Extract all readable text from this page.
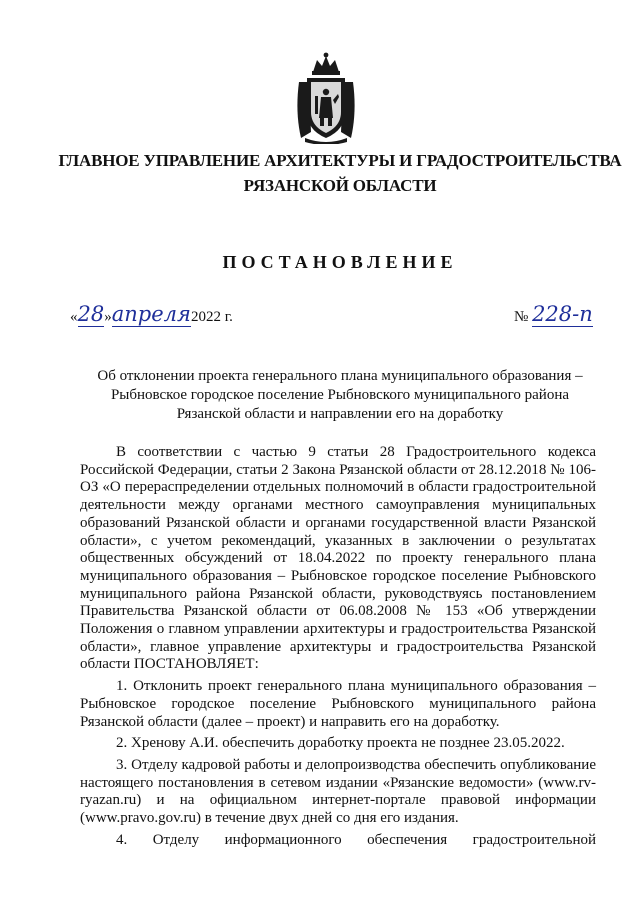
ГЛАВНОЕ УПРАВЛЕНИЕ АРХИТЕКТУРЫ И ГРАДОСТРОИТЕЛЬСТВА
РЯЗАНСКОЙ ОБЛАСТИ
ПОСТАНОВЛЕНИЕ
«28»апреля2022 г.	№ 228-п
Об отклонении проекта генерального плана муниципального образования –
Рыбновское городское поселение Рыбновского муниципального района
Рязанской области и направлении его на доработку
В соответствии с частью 9 статьи 28 Градостроительного кодекса Российской Федерации, статьи 2 Закона Рязанской области от 28.12.2018 № 106-ОЗ «О перераспределении отдельных полномочий в области градостроительной деятельности между органами местного самоуправления муниципальных образований Рязанской области и органами государственной власти Рязанской области», с учетом рекомендаций, указанных в заключении о результатах общественных обсуждений от 18.04.2022 по проекту генерального плана муниципального образования – Рыбновское городское поселение Рыбновского муниципального района Рязанской области, руководствуясь постановлением Правительства Рязанской области от 06.08.2008 № 153 «Об утверждении Положения о главном управлении архитектуры и градостроительства Рязанской области», главное управление архитектуры и градостроительства Рязанской области ПОСТАНОВЛЯЕТ:
1. Отклонить проект генерального плана муниципального образования – Рыбновское городское поселение Рыбновского муниципального района Рязанской области (далее – проект) и направить его на доработку.
2. Хренову А.И. обеспечить доработку проекта не позднее 23.05.2022.
3. Отделу кадровой работы и делопроизводства обеспечить опубликование настоящего постановления в сетевом издании «Рязанские ведомости» (www.rv-ryazan.ru) и на официальном интернет-портале правовой информации (www.pravo.gov.ru) в течение двух дней со дня его издания.
4. Отделу информационного обеспечения градостроительной
